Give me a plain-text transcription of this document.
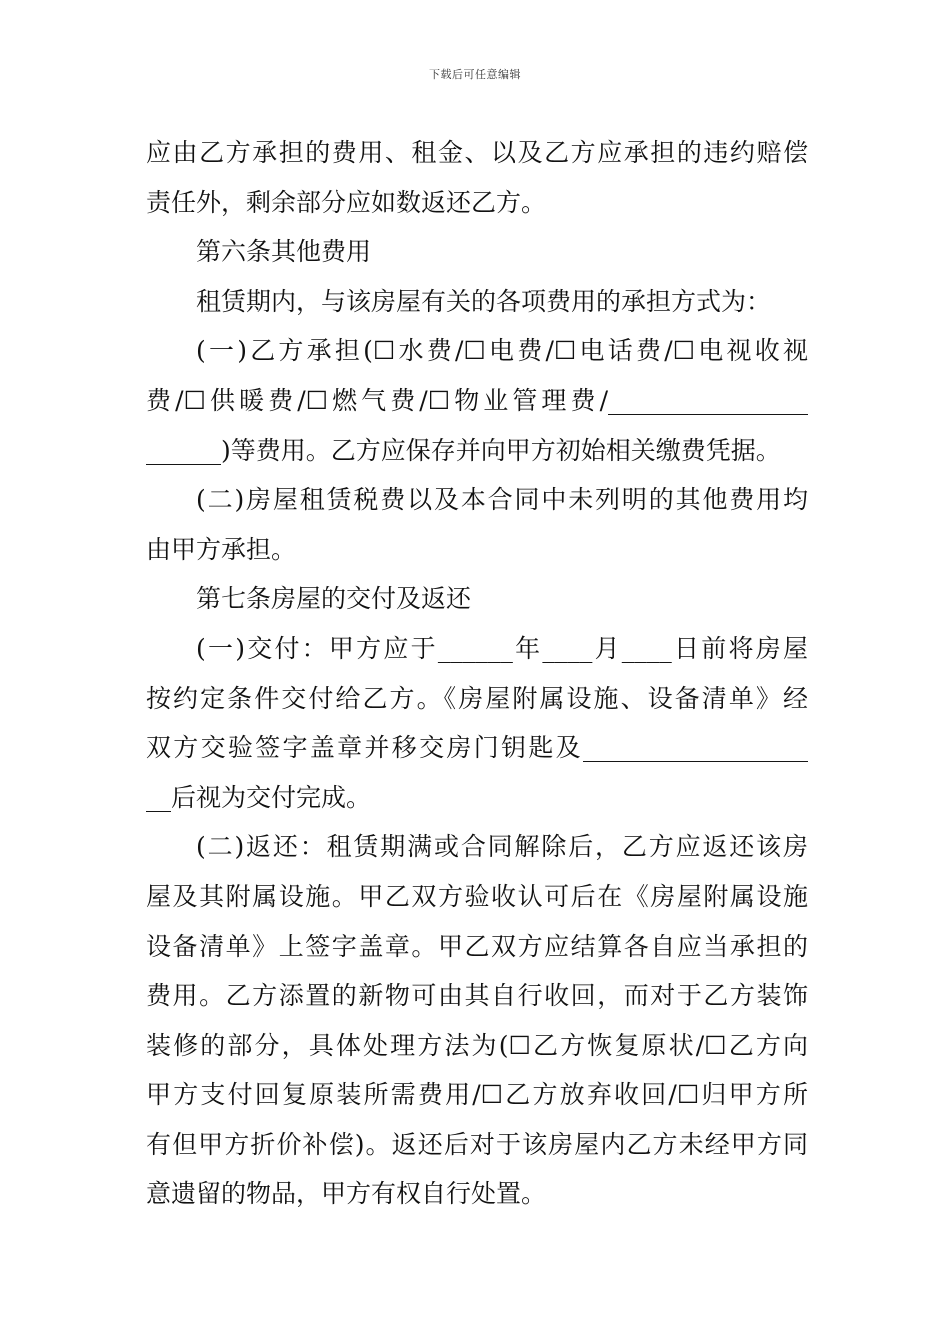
下载后可任意编辑
应由乙方承担的费用、租金、以及乙方应承担的违约赔偿
责任外，剩余部分应如数返还乙方。
第六条其他费用
租赁期内，与该房屋有关的各项费用的承担方式为：
(一)乙方承担(☐水费/☐电费/☐电话费/☐电视收视
费/☐供暖费/☐燃气费/☐物业管理费/________________
______)等费用。乙方应保存并向甲方初始相关缴费凭据。
(二)房屋租赁税费以及本合同中未列明的其他费用均
由甲方承担。
第七条房屋的交付及返还
(一)交付：甲方应于______年____月____日前将房屋
按约定条件交付给乙方。《房屋附属设施、设备清单》经
双方交验签字盖章并移交房门钥匙及__________________
__后视为交付完成。
(二)返还：租赁期满或合同解除后，乙方应返还该房
屋及其附属设施。甲乙双方验收认可后在《房屋附属设施
设备清单》上签字盖章。甲乙双方应结算各自应当承担的
费用。乙方添置的新物可由其自行收回，而对于乙方装饰
装修的部分，具体处理方法为(☐乙方恢复原状/☐乙方向
甲方支付回复原装所需费用/☐乙方放弃收回/☐归甲方所
有但甲方折价补偿)。返还后对于该房屋内乙方未经甲方同
意遗留的物品，甲方有权自行处置。
